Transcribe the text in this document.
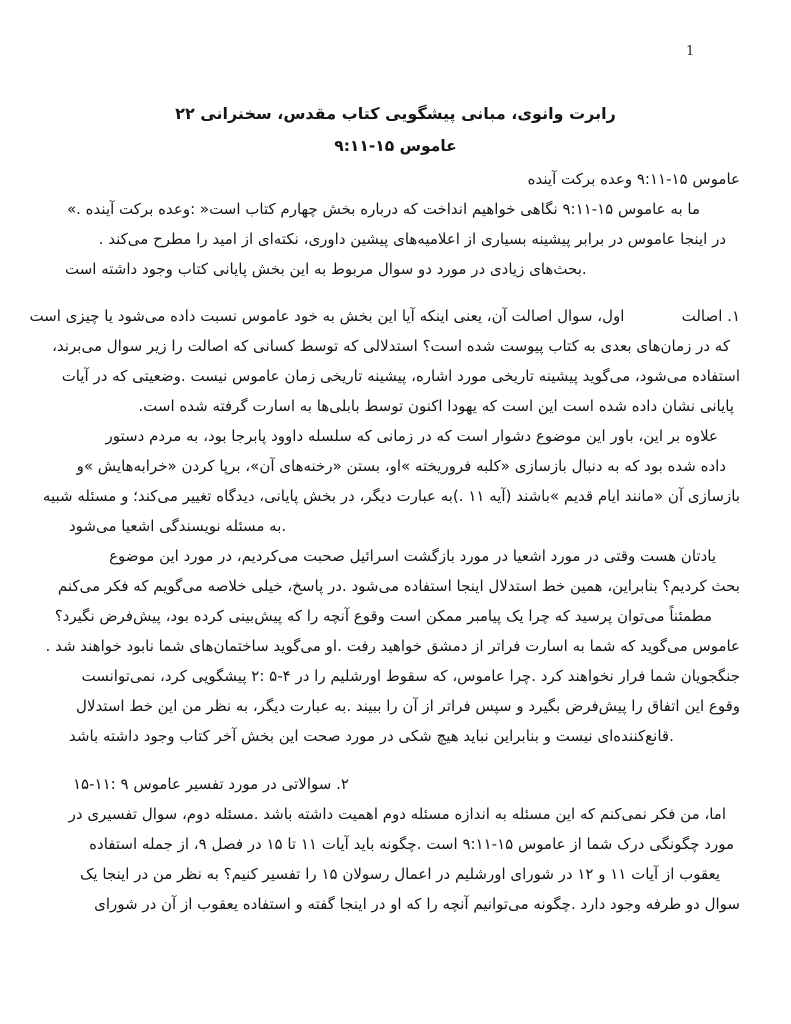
1
رابرت وانوی، مبانی پیشگویی کتاب مقدس، سخنرانی ۲۲
عاموس ۱۵-۹:۱۱
عاموس ۱۵-۹:۱۱ وعده برکت آینده
ما به عاموس ۱۵-۹:۱۱ نگاهی خواهیم انداخت که درباره بخش چهارم کتاب است« :وعده برکت آینده .»
در اینجا عاموس در برابر پیشینه بسیاری از اعلامیه‌های پیشین داوری، نکته‌ای از امید را مطرح می‌کند .
.بحث‌های زیادی در مورد دو سوال مربوط به این بخش پایانی کتاب وجود داشته است
۱. اصالت            اول، سوال اصالت آن، یعنی اینکه آیا این بخش به خود عاموس نسبت داده می‌شود یا چیزی است
که در زمان‌های بعدی به کتاب پیوست شده است؟ استدلالی که توسط کسانی که اصالت را زیر سوال می‌برند،
استفاده می‌شود، می‌گوید پیشینه تاریخی مورد اشاره، پیشینه تاریخی زمان عاموس نیست .وضعیتی که در آیات
پایانی نشان داده شده است این است که یهودا اکنون توسط بابلی‌ها به اسارت گرفته شده است.
علاوه بر این، باور این موضوع دشوار است که در زمانی که سلسله داوود پابرجا بود، به مردم دستور
داده شده بود که به دنبال بازسازی «کلبه فروریخته »او، بستن «رخنه‌های آن»، برپا کردن «خرابه‌هایش »و
بازسازی آن «مانند ایام قدیم »باشند (آیه ۱۱ .)به عبارت دیگر، در بخش پایانی، دیدگاه تغییر می‌کند؛ و مسئله شبیه
.به مسئله نویسندگی اشعیا می‌شود
یادتان هست وقتی در مورد اشعیا در مورد بازگشت اسرائیل صحبت می‌کردیم، در مورد این موضوع
بحث کردیم؟ بنابراین، همین خط استدلال اینجا استفاده می‌شود .در پاسخ، خیلی خلاصه می‌گویم که فکر می‌کنم
مطمئناً می‌توان پرسید که چرا یک پیامبر ممکن است وقوع آنچه را که پیش‌بینی کرده بود، پیش‌فرض نگیرد؟
عاموس می‌گوید که شما به اسارت فراتر از دمشق خواهید رفت .او می‌گوید ساختمان‌های شما نابود خواهند شد .
جنگجویان شما فرار نخواهند کرد .چرا عاموس، که سقوط اورشلیم را در ۴-۵ :۲ پیشگویی کرد، نمی‌توانست
وقوع این اتفاق را پیش‌فرض بگیرد و سپس فراتر از آن را ببیند .به عبارت دیگر، به نظر من این خط استدلال
.قانع‌کننده‌ای نیست و بنابراین نباید هیچ شکی در مورد صحت این بخش آخر کتاب وجود داشته باشد
۲. سوالاتی در مورد تفسیر عاموس ۹ :۱۱-۱۵
اما، من فکر نمی‌کنم که این مسئله به اندازه مسئله دوم اهمیت داشته باشد .مسئله دوم، سوال تفسیری در
مورد چگونگی درک شما از عاموس ۱۵-۹:۱۱ است .چگونه باید آیات ۱۱ تا ۱۵ در فصل ۹، از جمله استفاده
یعقوب از آیات ۱۱ و ۱۲ در شورای اورشلیم در اعمال رسولان ۱۵ را تفسیر کنیم؟ به نظر من در اینجا یک
سوال دو طرفه وجود دارد .چگونه می‌توانیم آنچه را که او در اینجا گفته و استفاده یعقوب از آن در شورای
